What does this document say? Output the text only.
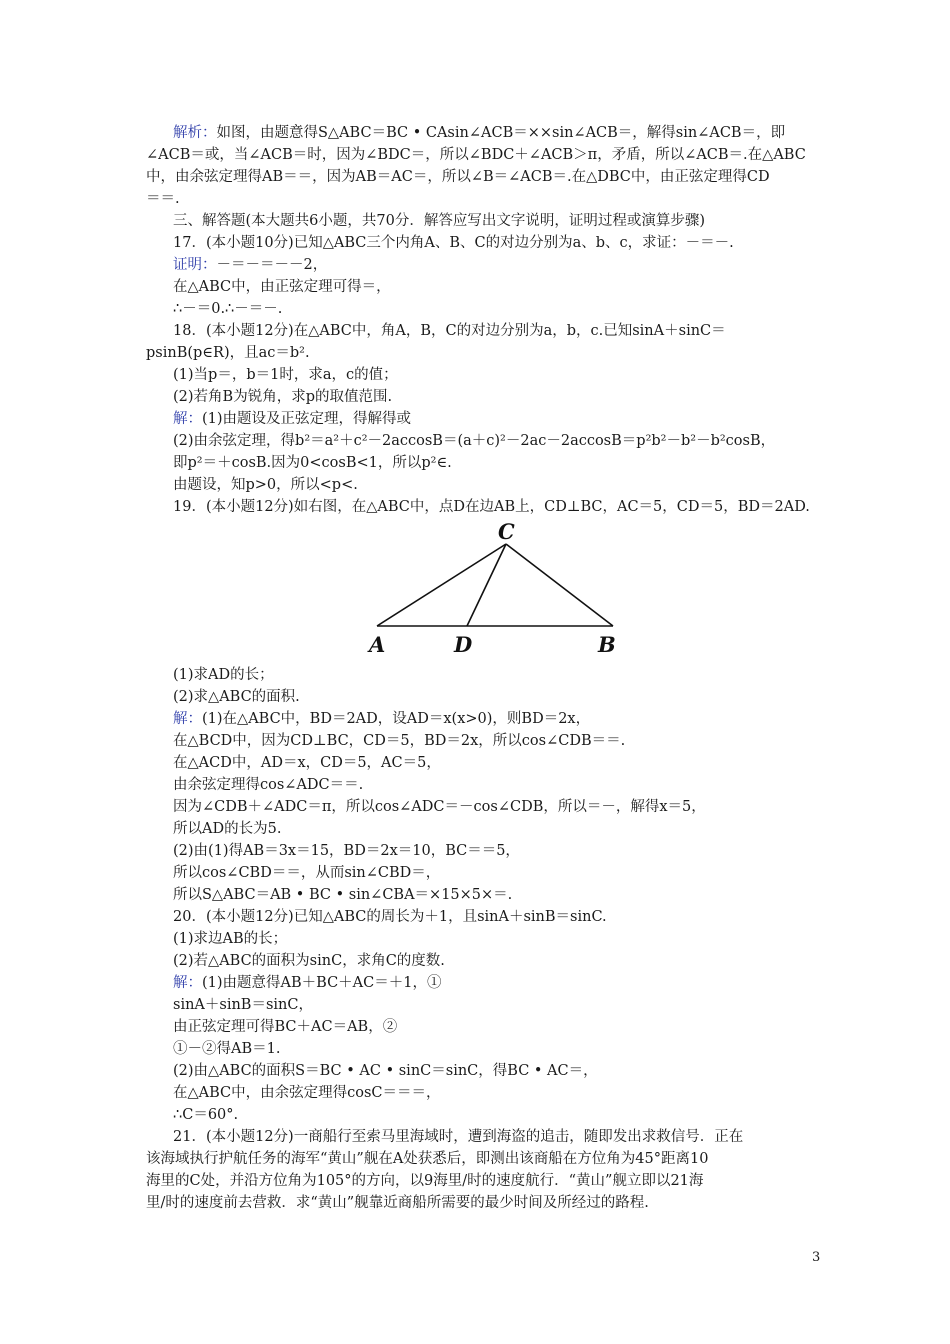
解析：如图，由题意得S△ABC＝BC • CAsin∠ACB＝××sin∠ACB＝，解得sin∠ACB＝，即
∠ACB＝或，当∠ACB＝时，因为∠BDC＝，所以∠BDC＋∠ACB＞π，矛盾，所以∠ACB＝.在△ABC
中，由余弦定理得AB＝＝，因为AB＝AC＝，所以∠B＝∠ACB＝.在△DBC中，由正弦定理得CD
＝＝.
三、解答题(本大题共6小题，共70分．解答应写出文字说明，证明过程或演算步骤)
17．(本小题10分)已知△ABC三个内角A、B、C的对边分别为a、b、c，求证：－＝－.
证明：－＝－＝－－2，
在△ABC中，由正弦定理可得＝，
∴－＝0.∴－＝－.
18．(本小题12分)在△ABC中，角A，B，C的对边分别为a，b，c.已知sinA＋sinC＝
psinB(p∈R)，且ac＝b².
(1)当p＝，b＝1时，求a，c的值；
(2)若角B为锐角，求p的取值范围.
解：(1)由题设及正弦定理，得解得或
(2)由余弦定理，得b²＝a²＋c²－2accosB＝(a＋c)²－2ac－2accosB＝p²b²－b²－b²cosB，
即p²＝＋cosB.因为0<cosB<1，所以p²∈.
由题设，知p>0，所以<p<.
19．(本小题12分)如右图，在△ABC中，点D在边AB上，CD⊥BC，AC＝5，CD＝5，BD＝2AD.
C
A	D	B
(1)求AD的长；
(2)求△ABC的面积.
解：(1)在△ABC中，BD＝2AD，设AD＝x(x>0)，则BD＝2x，
在△BCD中，因为CD⊥BC，CD＝5，BD＝2x，所以cos∠CDB＝＝.
在△ACD中，AD＝x，CD＝5，AC＝5，
由余弦定理得cos∠ADC＝＝.
因为∠CDB＋∠ADC＝π，所以cos∠ADC＝－cos∠CDB，所以＝－，解得x＝5，
所以AD的长为5.
(2)由(1)得AB＝3x＝15，BD＝2x＝10，BC＝＝5，
所以cos∠CBD＝＝，从而sin∠CBD＝，
所以S△ABC＝AB • BC • sin∠CBA＝×15×5×＝.
20．(本小题12分)已知△ABC的周长为＋1，且sinA＋sinB＝sinC.
(1)求边AB的长；
(2)若△ABC的面积为sinC，求角C的度数.
解：(1)由题意得AB＋BC＋AC＝＋1，①
sinA＋sinB＝sinC，
由正弦定理可得BC＋AC＝AB，②
①－②得AB＝1.
(2)由△ABC的面积S＝BC • AC • sinC＝sinC，得BC • AC＝，
在△ABC中，由余弦定理得cosC＝＝＝，
∴C＝60°.
21．(本小题12分)一商船行至索马里海域时，遭到海盗的追击，随即发出求救信号．正在
该海域执行护航任务的海军“黄山”舰在A处获悉后，即测出该商船在方位角为45°距离10
海里的C处，并沿方位角为105°的方向，以9海里/时的速度航行．“黄山”舰立即以21海
里/时的速度前去营救．求“黄山”舰靠近商船所需要的最少时间及所经过的路程.
3
